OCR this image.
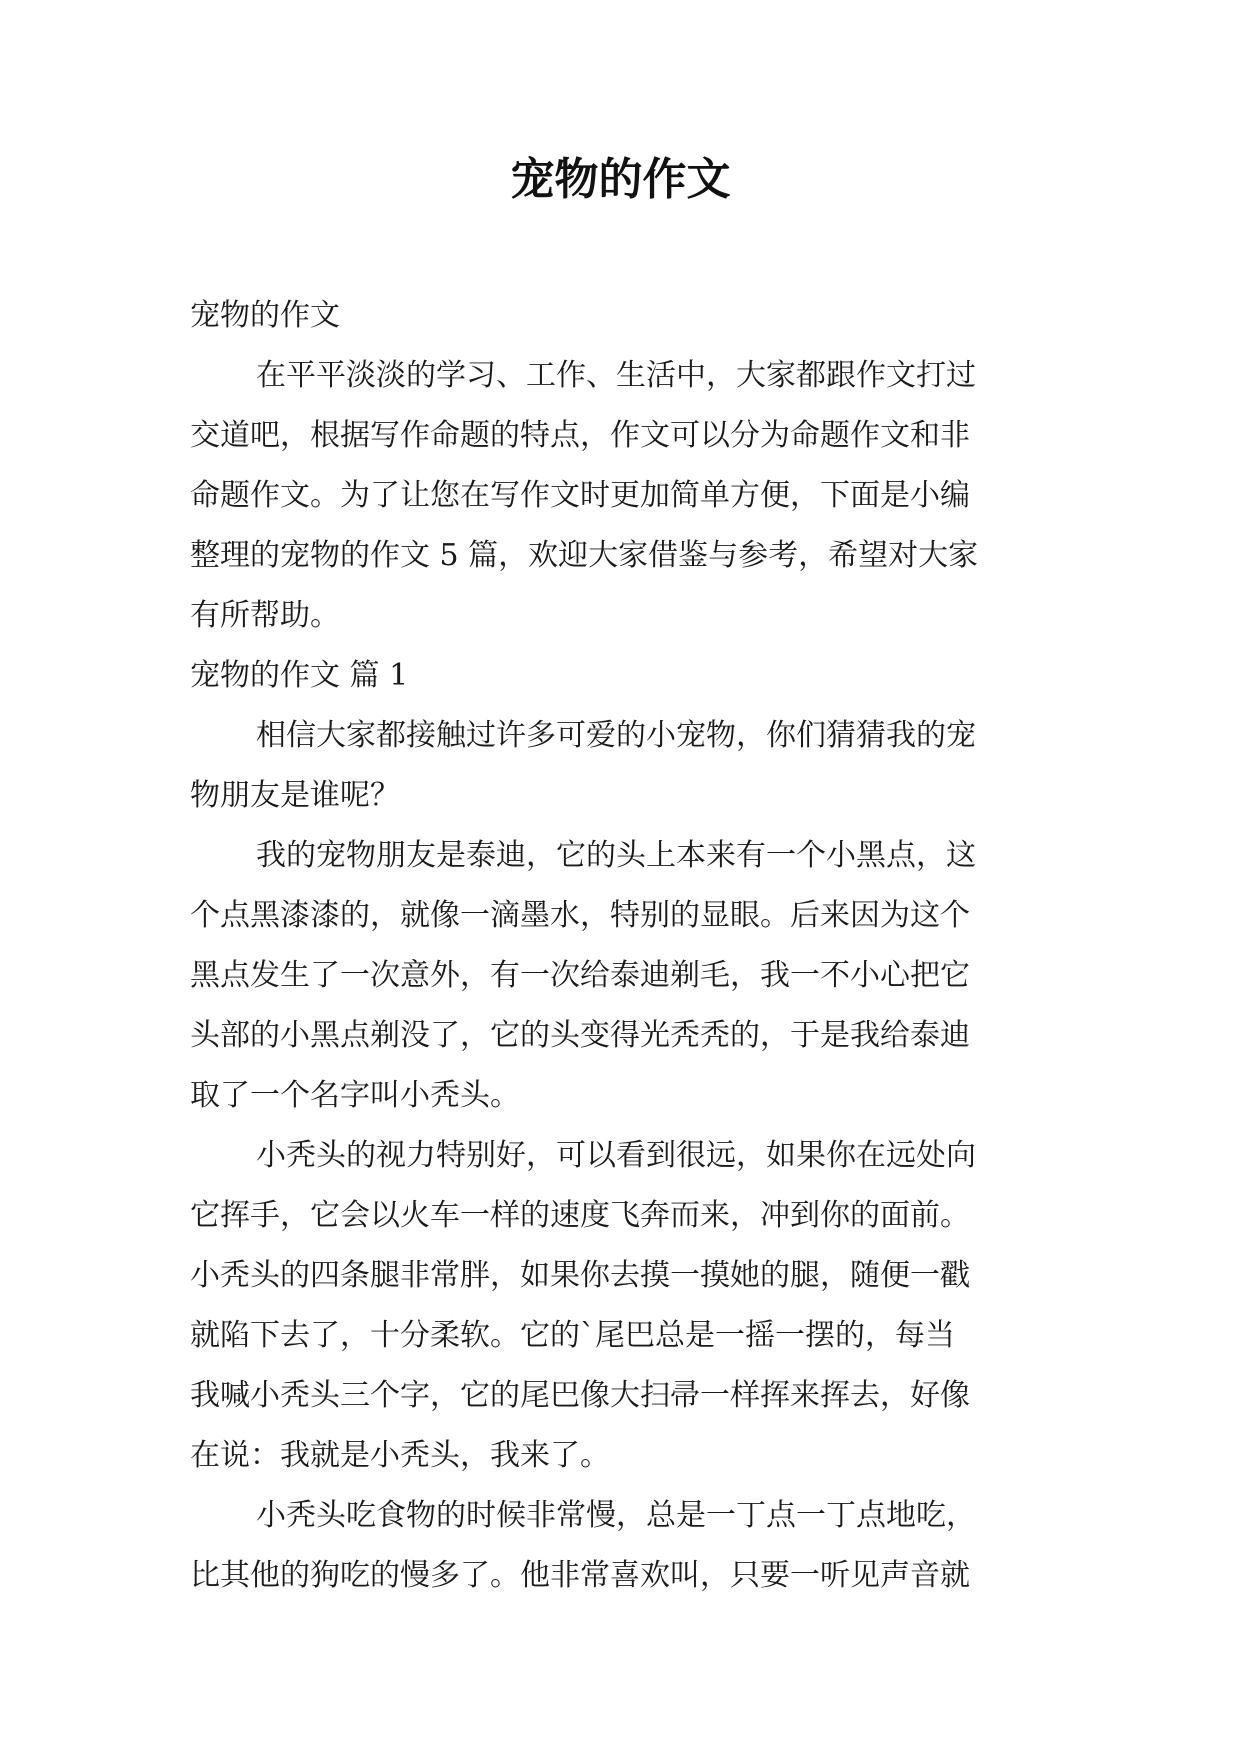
宠物的作文
宠物的作文
在平平淡淡的学习、工作、生活中，大家都跟作文打过
交道吧，根据写作命题的特点，作文可以分为命题作文和非
命题作文。为了让您在写作文时更加简单方便，下面是小编
整理的宠物的作文 5 篇，欢迎大家借鉴与参考，希望对大家
有所帮助。
宠物的作文 篇 1
相信大家都接触过许多可爱的小宠物，你们猜猜我的宠
物朋友是谁呢？
我的宠物朋友是泰迪，它的头上本来有一个小黑点，这
个点黑漆漆的，就像一滴墨水，特别的显眼。后来因为这个
黑点发生了一次意外，有一次给泰迪剃毛，我一不小心把它
头部的小黑点剃没了，它的头变得光秃秃的，于是我给泰迪
取了一个名字叫小秃头。
小秃头的视力特别好，可以看到很远，如果你在远处向
它挥手，它会以火车一样的速度飞奔而来，冲到你的面前。
小秃头的四条腿非常胖，如果你去摸一摸她的腿，随便一戳
就陷下去了，十分柔软。它的`尾巴总是一摇一摆的，每当
我喊小秃头三个字，它的尾巴像大扫帚一样挥来挥去，好像
在说：我就是小秃头，我来了。
小秃头吃食物的时候非常慢，总是一丁点一丁点地吃，
比其他的狗吃的慢多了。他非常喜欢叫，只要一听见声音就
